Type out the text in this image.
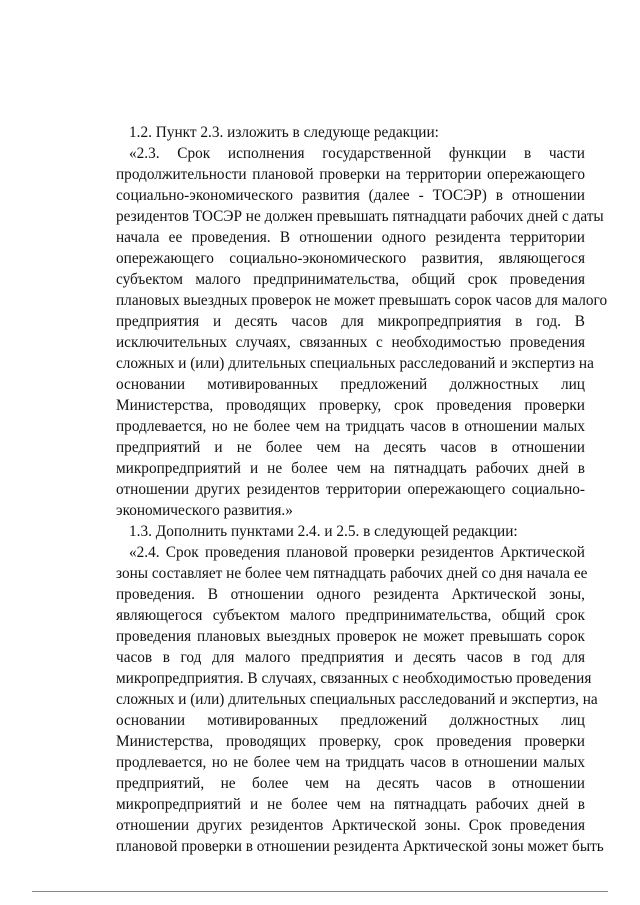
1.2. Пункт 2.3. изложить в следующе редакции:
«2.3. Срок исполнения государственной функции в части
продолжительности плановой проверки на территории опережающего
социально-экономического развития (далее - ТОСЭР) в отношении
резидентов ТОСЭР не должен превышать пятнадцати рабочих дней с даты
начала ее проведения. В отношении одного резидента территории
опережающего социально-экономического развития, являющегося
субъектом малого предпринимательства, общий срок проведения
плановых выездных проверок не может превышать сорок часов для малого
предприятия и десять часов для микропредприятия в год. В
исключительных случаях, связанных с необходимостью проведения
сложных и (или) длительных специальных расследований и экспертиз на
основании мотивированных предложений должностных лиц
Министерства, проводящих проверку, срок проведения проверки
продлевается, но не более чем на тридцать часов в отношении малых
предприятий и не более чем на десять часов в отношении
микропредприятий и не более чем на пятнадцать рабочих дней в
отношении других резидентов территории опережающего социально-
экономического развития.»
1.3. Дополнить пунктами 2.4. и 2.5. в следующей редакции:
«2.4. Срок проведения плановой проверки резидентов Арктической
зоны составляет не более чем пятнадцать рабочих дней со дня начала ее
проведения. В отношении одного резидента Арктической зоны,
являющегося субъектом малого предпринимательства, общий срок
проведения плановых выездных проверок не может превышать сорок
часов в год для малого предприятия и десять часов в год для
микропредприятия. В случаях, связанных с необходимостью проведения
сложных и (или) длительных специальных расследований и экспертиз, на
основании мотивированных предложений должностных лиц
Министерства, проводящих проверку, срок проведения проверки
продлевается, но не более чем на тридцать часов в отношении малых
предприятий, не более чем на десять часов в отношении
микропредприятий и не более чем на пятнадцать рабочих дней в
отношении других резидентов Арктической зоны. Срок проведения
плановой проверки в отношении резидента Арктической зоны может быть
